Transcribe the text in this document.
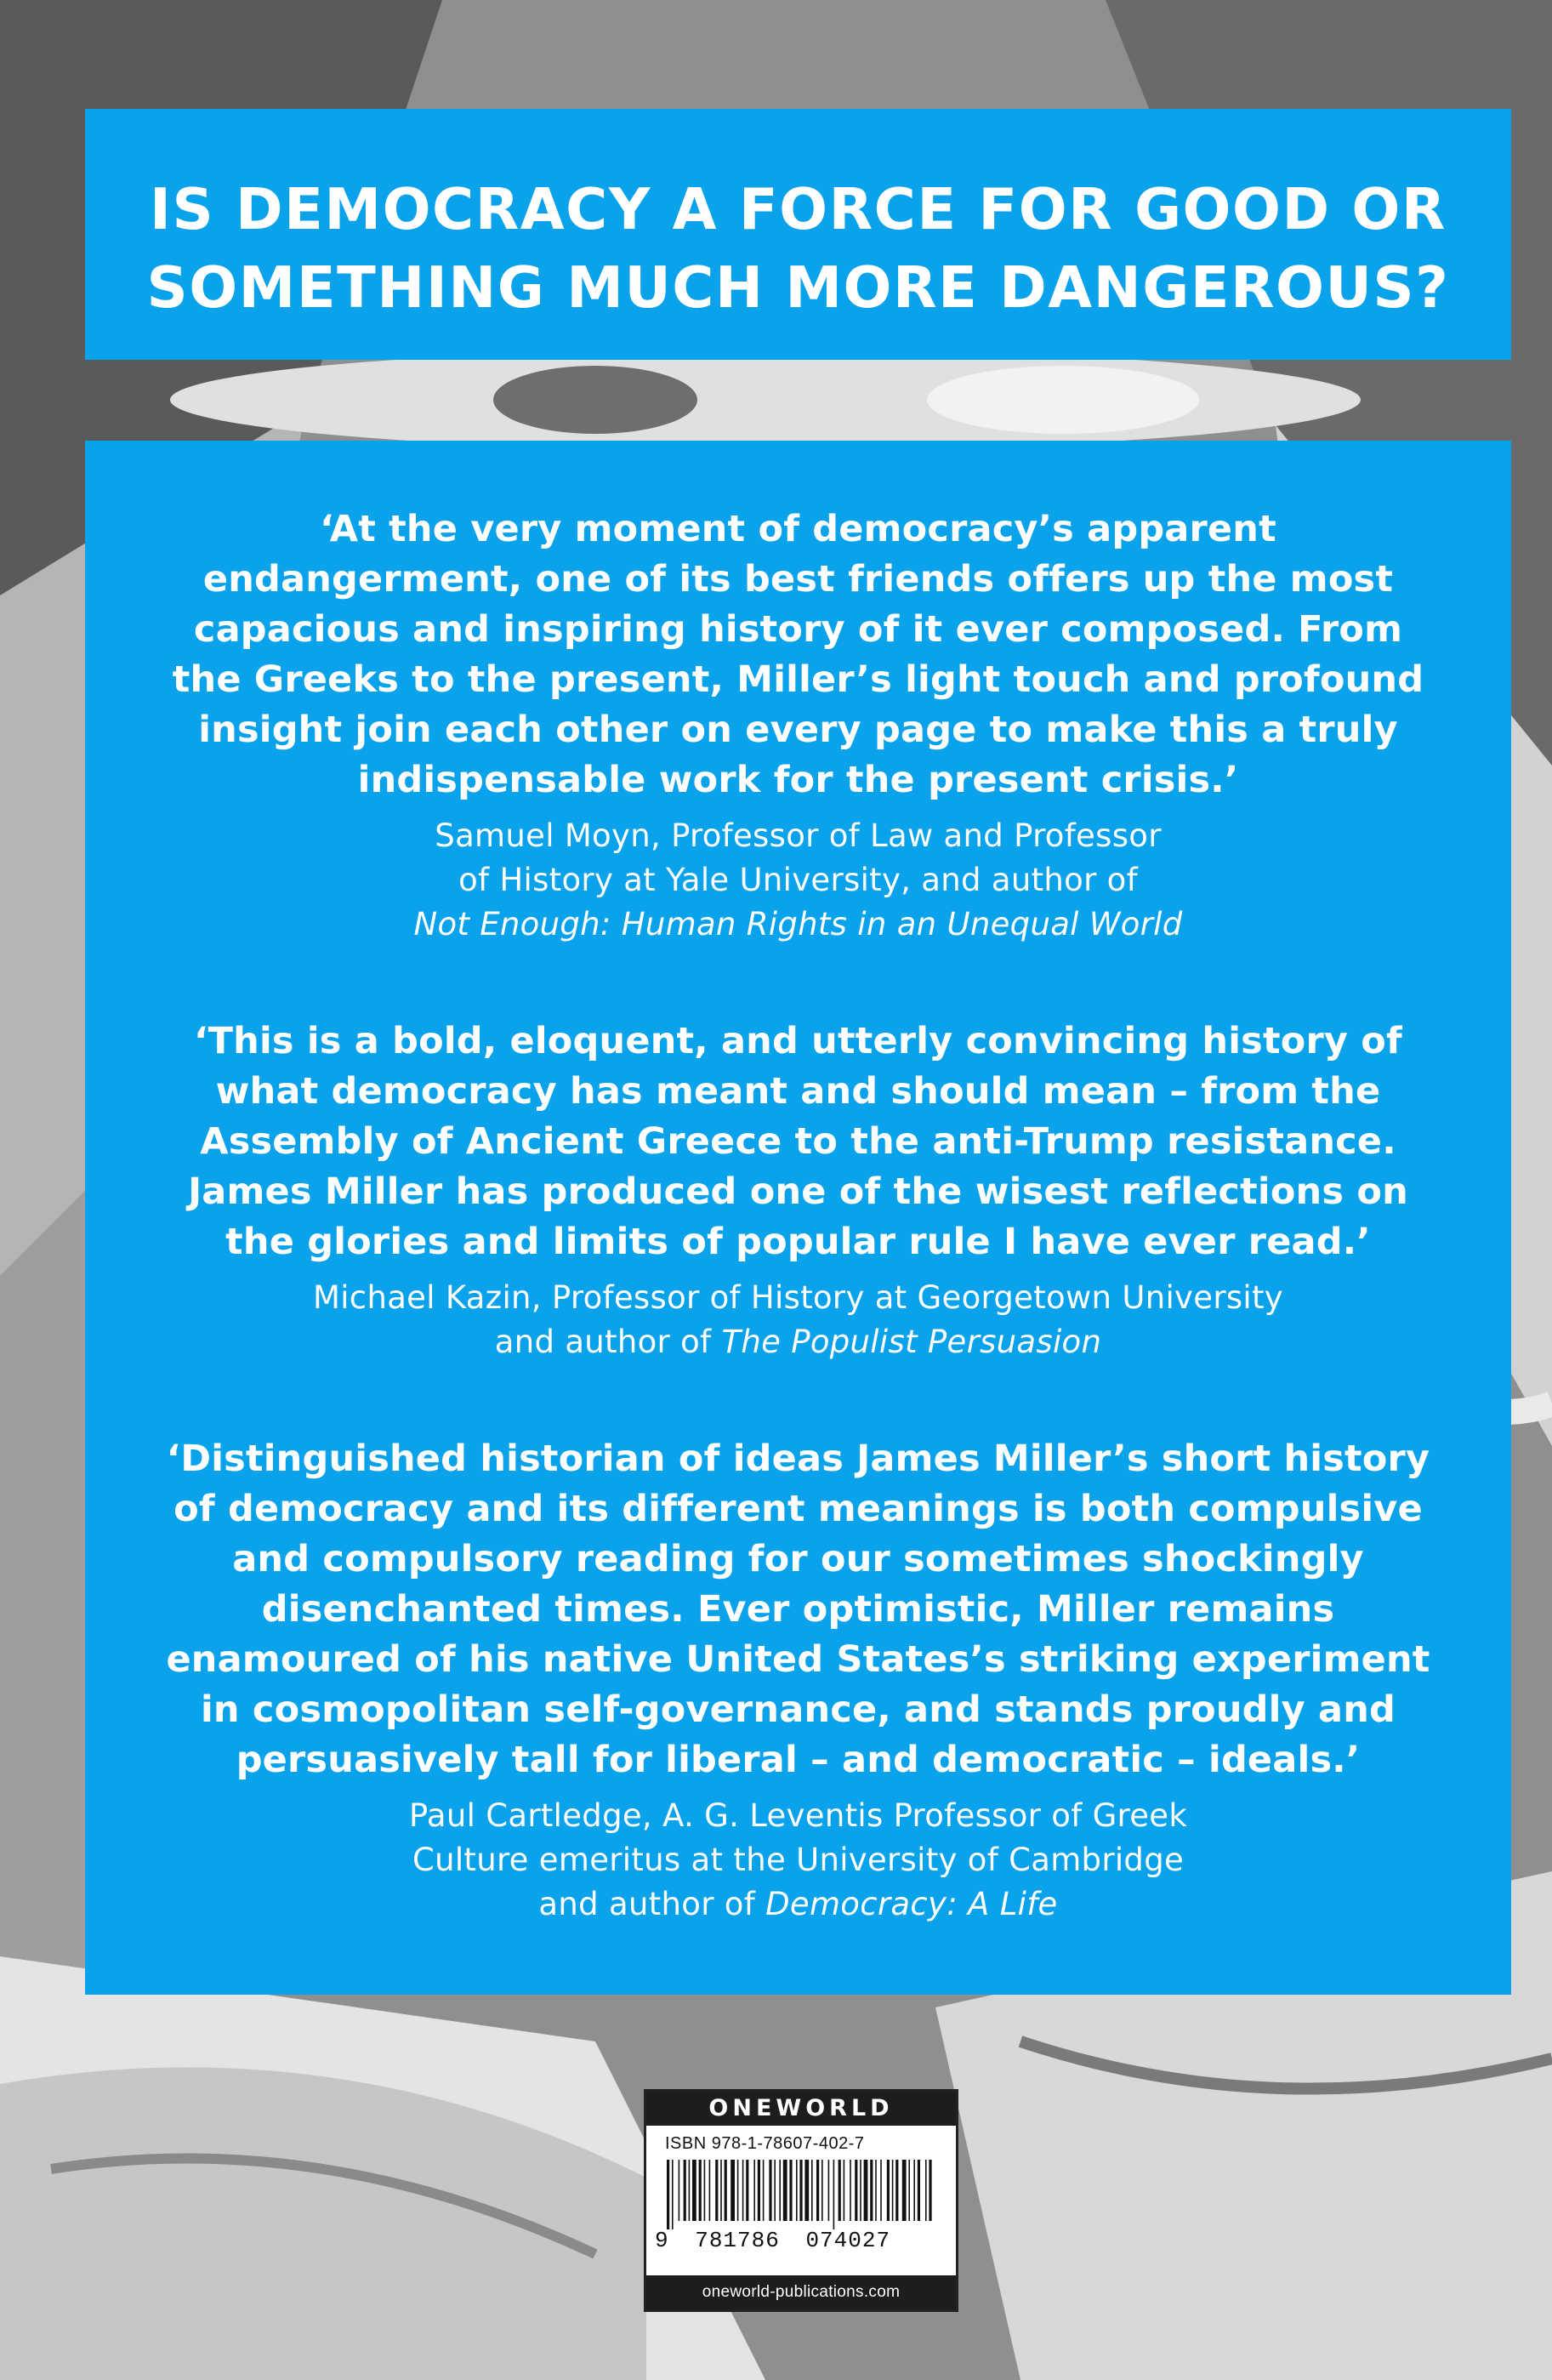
IS DEMOCRACY A FORCE FOR GOOD OR
SOMETHING MUCH MORE DANGEROUS?
‘At the very moment of democracy’s apparent
endangerment, one of its best friends offers up the most
capacious and inspiring history of it ever composed. From
the Greeks to the present, Miller’s light touch and profound
insight join each other on every page to make this a truly
indispensable work for the present crisis.’
Samuel Moyn, Professor of Law and Professor
of History at Yale University, and author of
Not Enough: Human Rights in an Unequal World
‘This is a bold, eloquent, and utterly convincing history of
what democracy has meant and should mean – from the
Assembly of Ancient Greece to the anti-Trump resistance.
James Miller has produced one of the wisest reflections on
the glories and limits of popular rule I have ever read.’
Michael Kazin, Professor of History at Georgetown University
and author of The Populist Persuasion
‘Distinguished historian of ideas James Miller’s short history
of democracy and its different meanings is both compulsive
and compulsory reading for our sometimes shockingly
disenchanted times. Ever optimistic, Miller remains
enamoured of his native United States’s striking experiment
in cosmopolitan self-governance, and stands proudly and
persuasively tall for liberal – and democratic – ideals.’
Paul Cartledge, A. G. Leventis Professor of Greek
Culture emeritus at the University of Cambridge
and author of Democracy: A Life
ONEWORLD
ISBN 978-1-78607-402-7
9 781786 074027
oneworld-publications.com
